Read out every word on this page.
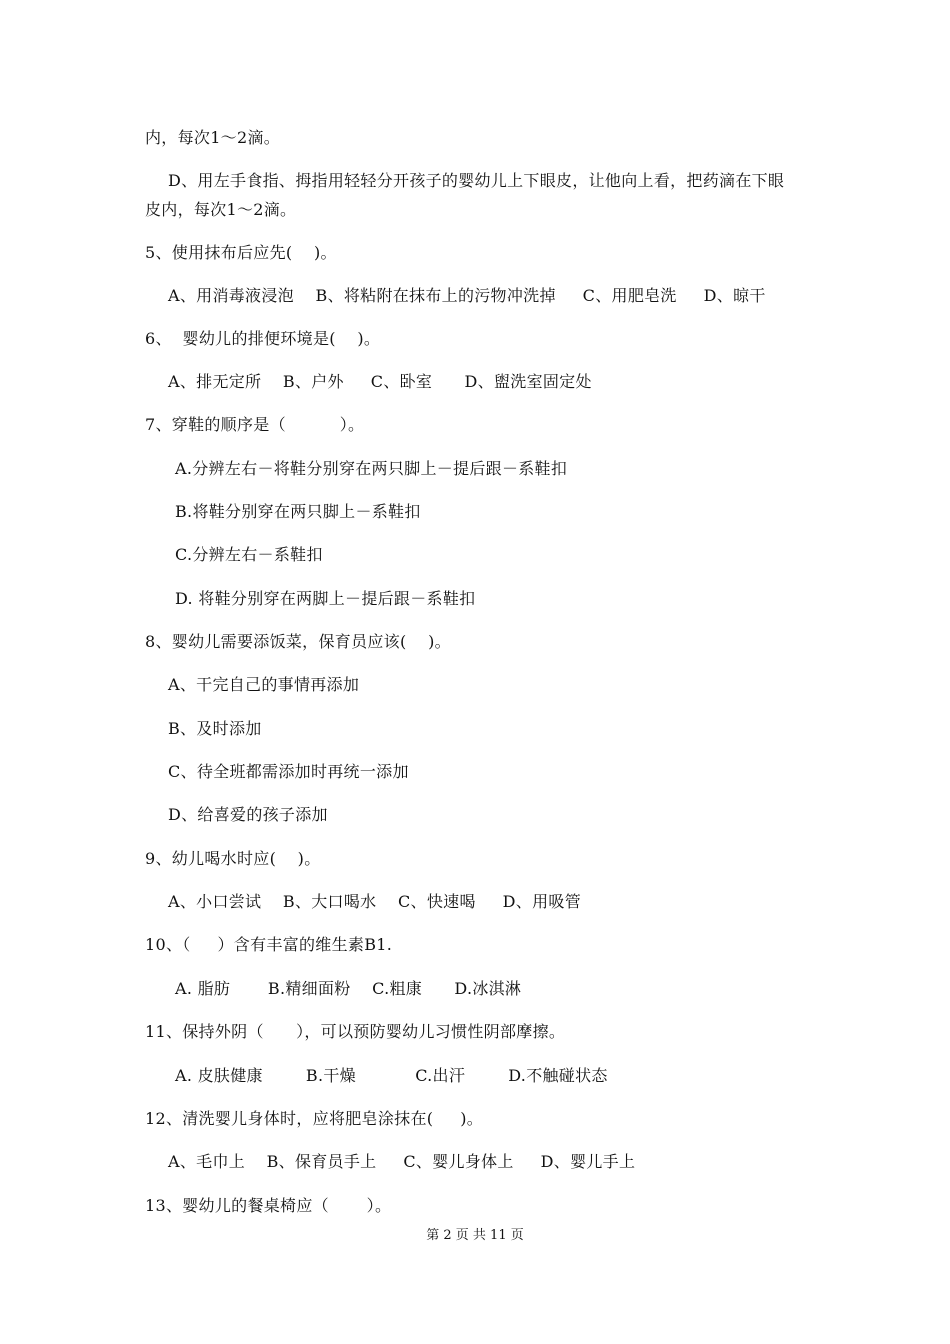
内，每次1～2滴。
D、用左手食指、拇指用轻轻分开孩子的婴幼儿上下眼皮，让他向上看，把药滴在下眼
皮内，每次1～2滴。
5、使用抹布后应先(    )。
A、用消毒液浸泡    B、将粘附在抹布上的污物冲洗掉     C、用肥皂洗     D、晾干
6、  婴幼儿的排便环境是(    )。
A、排无定所    B、户外     C、卧室      D、盥洗室固定处
7、穿鞋的顺序是（          ）。
A.分辨左右－将鞋分别穿在两只脚上－提后跟－系鞋扣
B.将鞋分别穿在两只脚上－系鞋扣
C.分辨左右－系鞋扣
D. 将鞋分别穿在两脚上－提后跟－系鞋扣
8、婴幼儿需要添饭菜，保育员应该(    )。
A、干完自己的事情再添加
B、及时添加
C、待全班都需添加时再统一添加
D、给喜爱的孩子添加
9、幼儿喝水时应(    )。
A、小口尝试    B、大口喝水    C、快速喝     D、用吸管
10、（     ）含有丰富的维生素B1.
A. 脂肪       B.精细面粉    C.粗康      D.冰淇淋
11、保持外阴（      ），可以预防婴幼儿习惯性阴部摩擦。
A. 皮肤健康        B.干燥           C.出汗        D.不触碰状态
12、清洗婴儿身体时，应将肥皂涂抹在(     )。
A、毛巾上    B、保育员手上     C、婴儿身体上     D、婴儿手上
13、婴幼儿的餐桌椅应（       ）。
第 2 页 共 11 页
